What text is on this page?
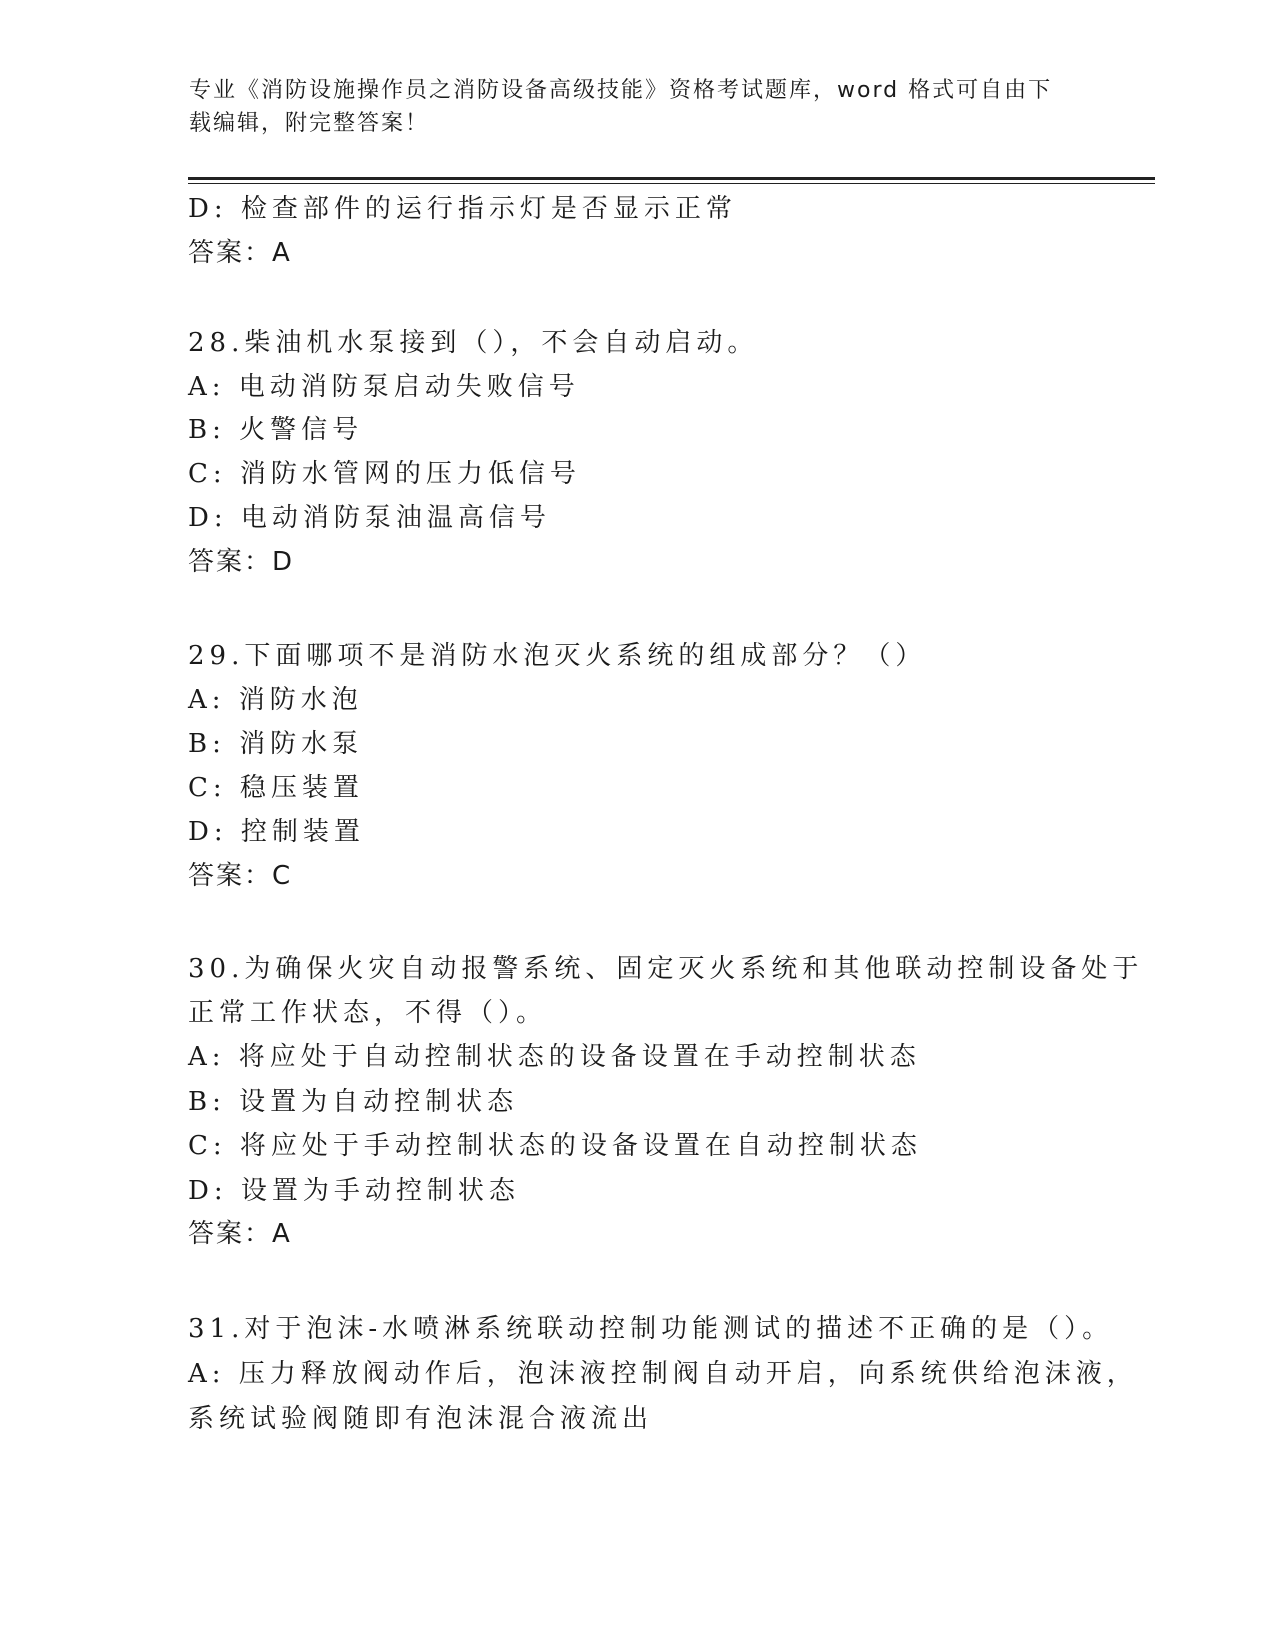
专业《消防设施操作员之消防设备高级技能》资格考试题库，word 格式可自由下
载编辑，附完整答案！
D: 检查部件的运行指示灯是否显示正常
答案：A
28.柴油机水泵接到（），不会自动启动。
A: 电动消防泵启动失败信号
B: 火警信号
C: 消防水管网的压力低信号
D: 电动消防泵油温高信号
答案：D
29.下面哪项不是消防水泡灭火系统的组成部分？（）
A: 消防水泡
B: 消防水泵
C: 稳压装置
D: 控制装置
答案：C
30.为确保火灾自动报警系统、固定灭火系统和其他联动控制设备处于
正常工作状态，不得（）。
A: 将应处于自动控制状态的设备设置在手动控制状态
B: 设置为自动控制状态
C: 将应处于手动控制状态的设备设置在自动控制状态
D: 设置为手动控制状态
答案：A
31.对于泡沫-水喷淋系统联动控制功能测试的描述不正确的是（）。
A: 压力释放阀动作后，泡沫液控制阀自动开启，向系统供给泡沫液，
系统试验阀随即有泡沫混合液流出
